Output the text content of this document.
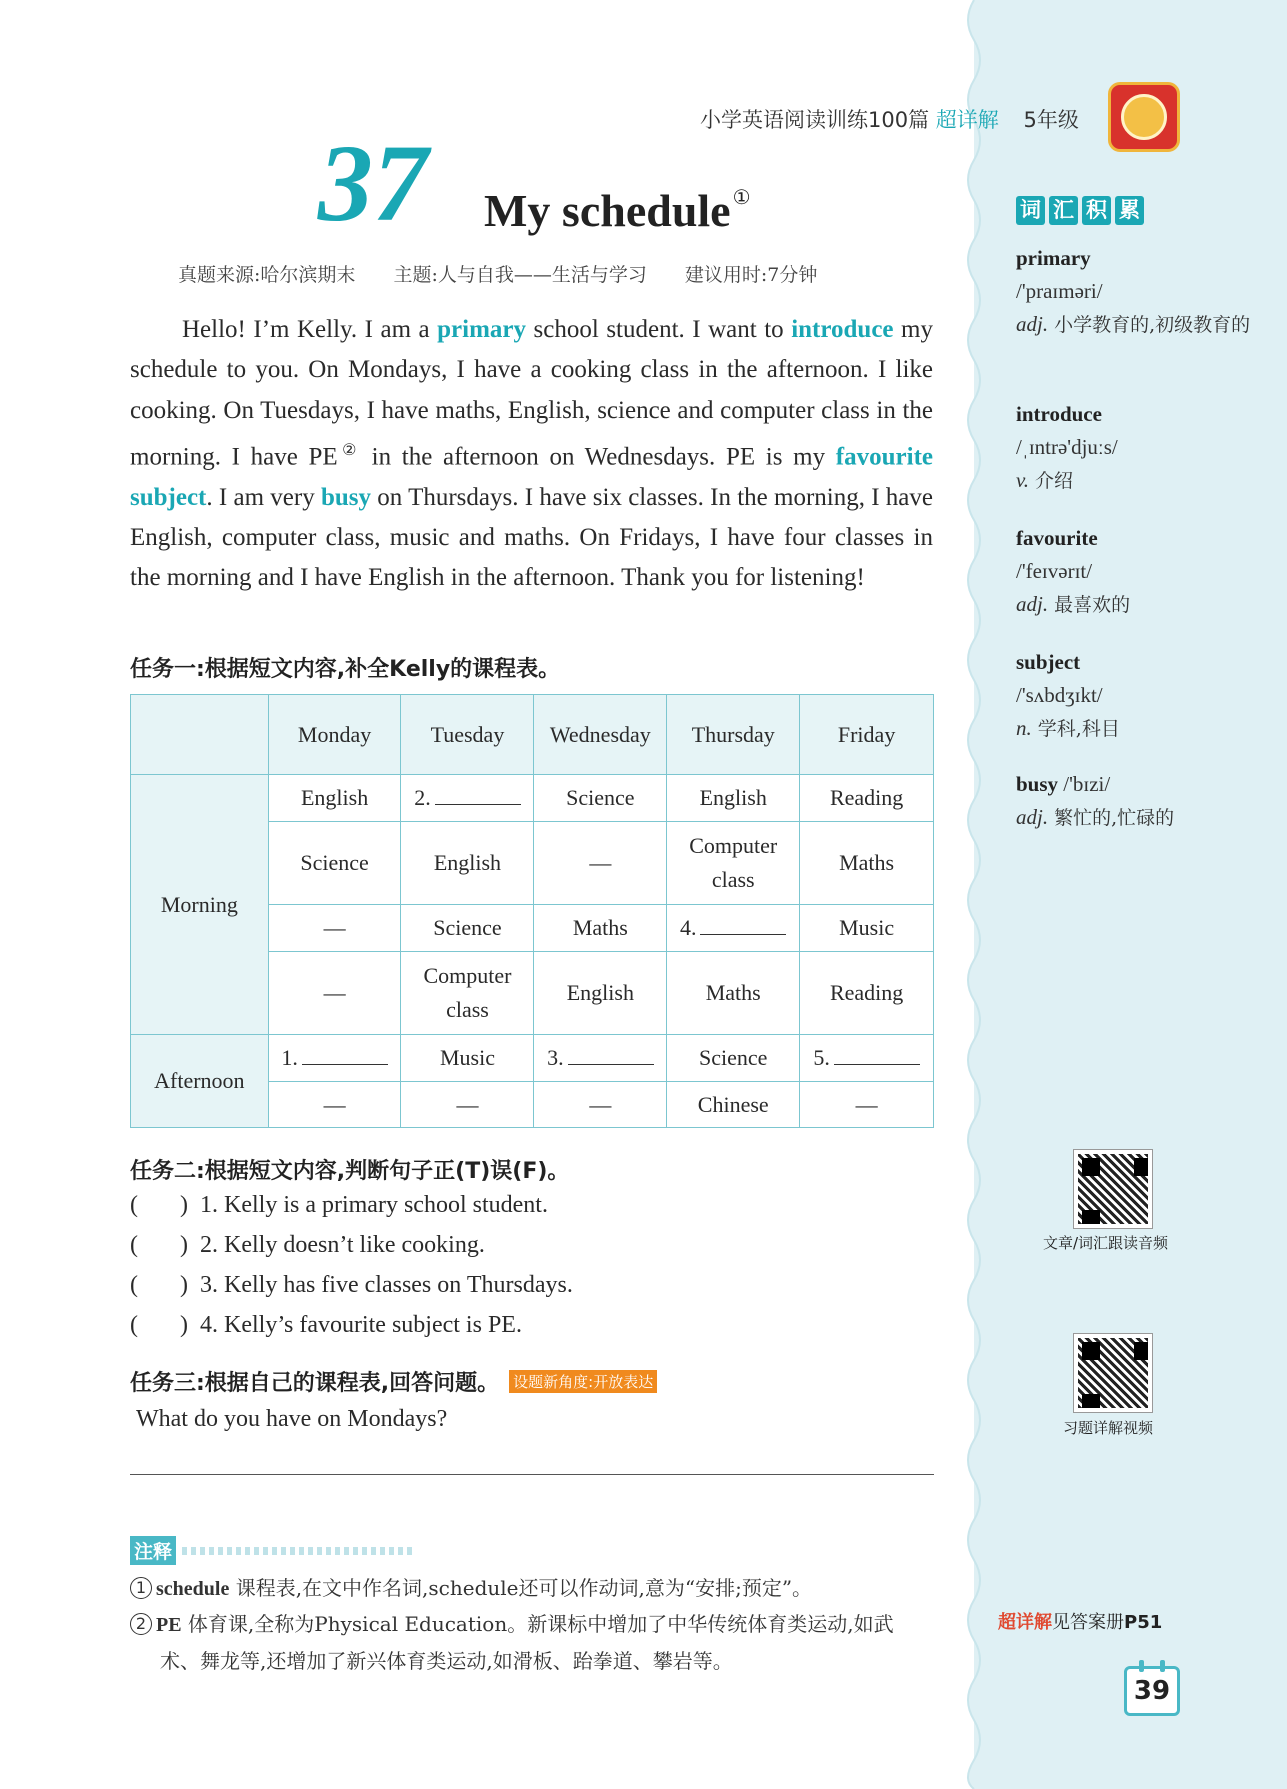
小学英语阅读训练100篇 超详解 5年级
37 My schedule ①
真题来源:哈尔滨期末 主题:人与自我——生活与学习 建议用时:7分钟
Hello! I’m Kelly. I am a primary school student. I want to introduce my schedule to you. On Mondays, I have a cooking class in the afternoon. I like cooking. On Tuesdays, I have maths, English, science and computer class in the morning. I have PE② in the afternoon on Wednesdays. PE is my favourite subject. I am very busy on Thursdays. I have six classes. In the morning, I have English, computer class, music and maths. On Fridays, I have four classes in the morning and I have English in the afternoon. Thank you for listening!
任务一:根据短文内容,补全Kelly的课程表。
	Monday	Tuesday	Wednesday	Thursday	Friday
Morning	English	2.	Science	English	Reading
	Science	English	—	Computer class	Maths
	—	Science	Maths	4.	Music
	—	Computer class	English	Maths	Reading
Afternoon	1.	Music	3.	Science	5.
	—	—	—	Chinese	—
任务二:根据短文内容,判断句子正(T)误(F)。
(       ) 1. Kelly is a primary school student.
(       ) 2. Kelly doesn’t like cooking.
(       ) 3. Kelly has five classes on Thursdays.
(       ) 4. Kelly’s favourite subject is PE.
任务三:根据自己的课程表,回答问题。 设题新角度:开放表达
What do you have on Mondays?
注释
1 schedule 课程表,在文中作名词,schedule还可以作动词,意为“安排;预定”。
2 PE 体育课,全称为Physical Education。新课标中增加了中华传统体育类运动,如武术、舞龙等,还增加了新兴体育类运动,如滑板、跆拳道、攀岩等。
词 汇 积 累
primary
/'praɪməri/
adj. 小学教育的,初级教育的
introduce
/ˌɪntrə'djuːs/
v. 介绍
favourite
/'feɪvərɪt/
adj. 最喜欢的
subject
/'sʌbdʒɪkt/
n. 学科,科目
busy /'bɪzi/
adj. 繁忙的,忙碌的
文章/词汇跟读音频
习题详解视频
超详解见答案册P51
39
